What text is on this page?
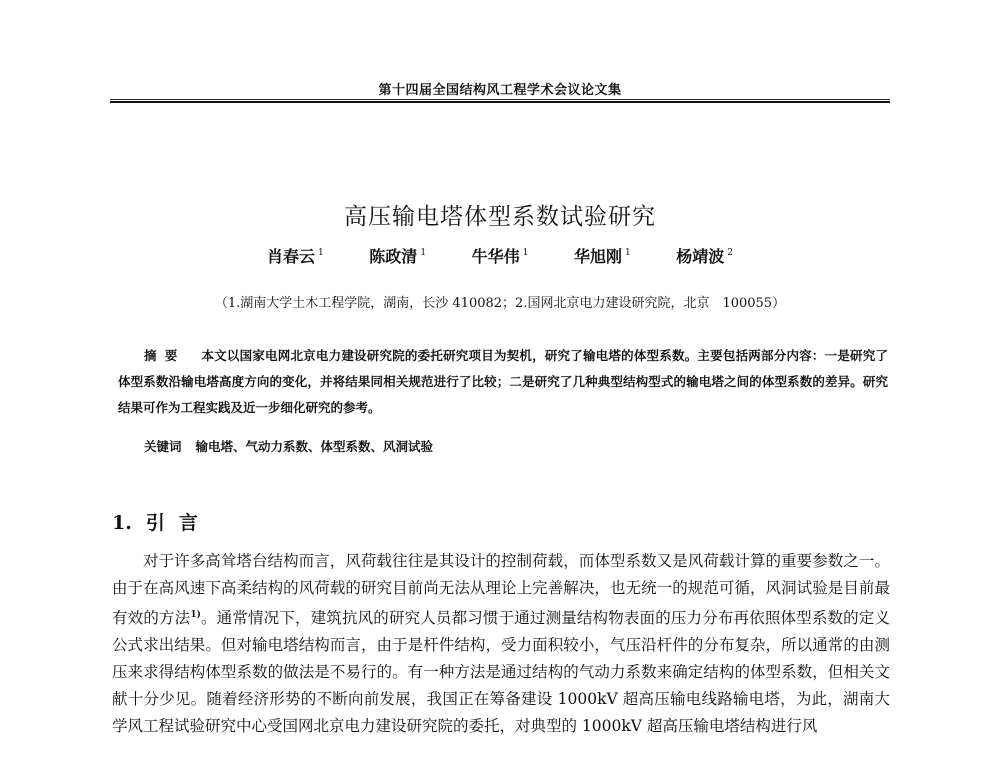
第十四届全国结构风工程学术会议论文集
高压输电塔体型系数试验研究
肖春云 $^1$	陈政清 $^1$	牛华伟 $^1$	华旭刚 $^1$	杨靖波 $^2$
（1.湖南大学土木工程学院，湖南，长沙 410082；2.国网北京电力建设研究院，北京　100055）
摘要 本文以国家电网北京电力建设研究院的委托研究项目为契机，研究了输电塔的体型系数。主要包括两部分内容：一是研究了体型系数沿输电塔高度方向的变化，并将结果同相关规范进行了比较；二是研究了几种典型结构型式的输电塔之间的体型系数的差异。研究结果可作为工程实践及近一步细化研究的参考。
关键词 输电塔、气动力系数、体型系数、风洞试验
1. 引言
对于许多高耸塔台结构而言，风荷载往往是其设计的控制荷载，而体型系数又是风荷载计算的重要参数之一。由于在高风速下高柔结构的风荷载的研究目前尚无法从理论上完善解决，也无统一的规范可循，风洞试验是目前最有效的方法$^{1)}$。通常情况下，建筑抗风的研究人员都习惯于通过测量结构物表面的压力分布再依照体型系数的定义公式求出结果。但对输电塔结构而言，由于是杆件结构，受力面积较小，气压沿杆件的分布复杂，所以通常的由测压来求得结构体型系数的做法是不易行的。有一种方法是通过结构的气动力系数来确定结构的体型系数，但相关文献十分少见。随着经济形势的不断向前发展，我国正在筹备建设 1000kV 超高压输电线路输电塔，为此，湖南大学风工程试验研究中心受国网北京电力建设研究院的委托，对典型的 1000kV 超高压输电塔结构进行风
